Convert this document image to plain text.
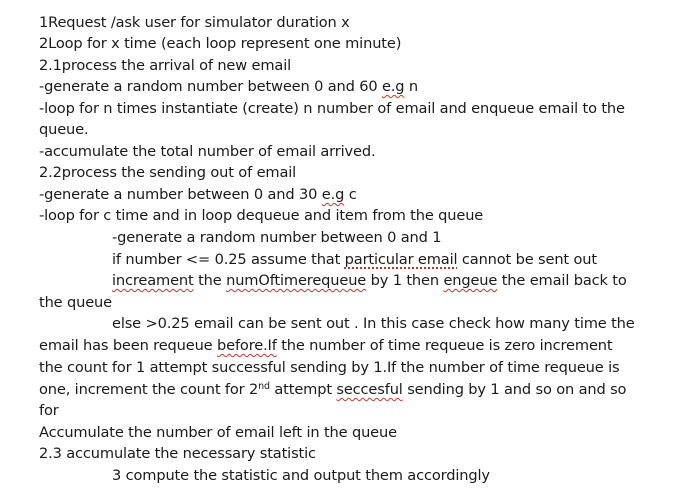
1Request /ask user for simulator duration x
2Loop for x time (each loop represent one minute)
2.1process the arrival of new email
-generate a random number between 0 and 60 e.g n
-loop for n times instantiate (create) n number of email and enqueue email to the
queue.
-accumulate the total number of email arrived.
2.2process the sending out of email
-generate a number between 0 and 30 e.g c
-loop for c time and in loop dequeue and item from the queue
-generate a random number between 0 and 1
if number <= 0.25 assume that particular email cannot be sent out
increament the numOftimerequeue by 1 then engeue the email back to
the queue
else >0.25 email can be sent out . In this case check how many time the
email has been requeue before.If the number of time requeue is zero increment
the count for 1 attempt successful sending by 1.If the number of time requeue is
one, increment the count for 2nd attempt seccesful sending by 1 and so on and so
for
Accumulate the number of email left in the queue
2.3 accumulate the necessary statistic
3 compute the statistic and output them accordingly
